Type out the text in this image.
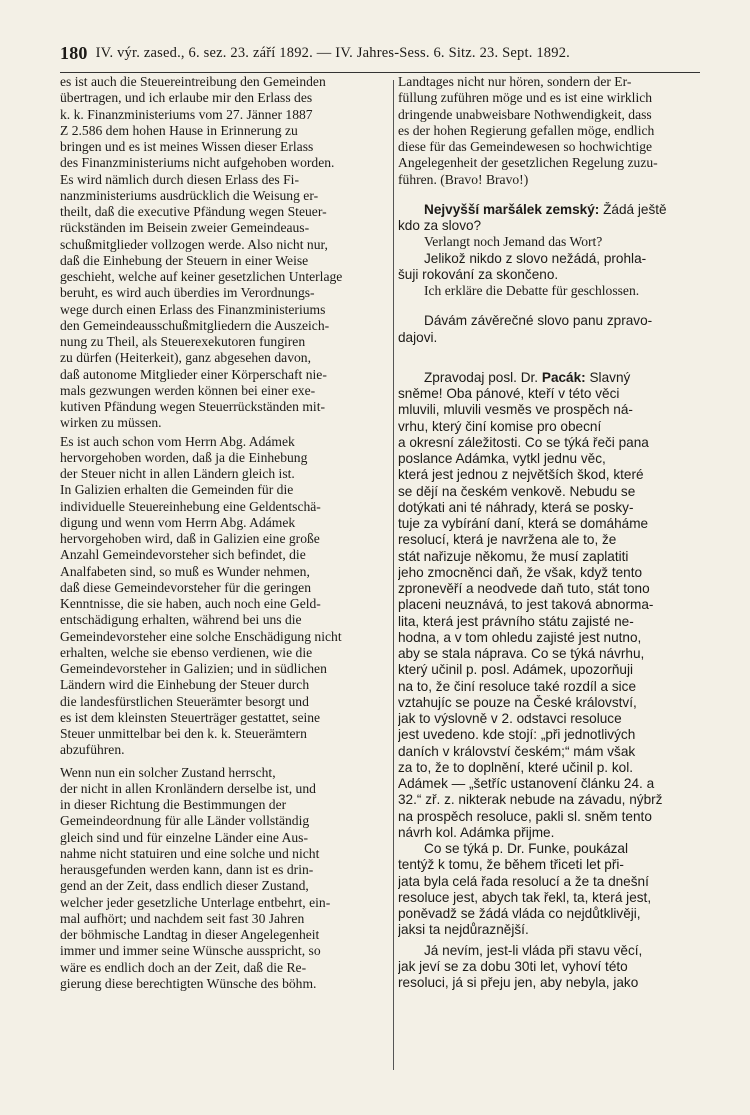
180 IV. výr. zased., 6. sez. 23. září 1892. — IV. Jahres-Sess. 6. Sitz. 23. Sept. 1892.
es ist auch die Steuereintreibung den Gemeinden
übertragen, und ich erlaube mir den Erlass des
k. k. Finanzministeriums vom 27. Jänner 1887
Z 2.586 dem hohen Hause in Erinnerung zu
bringen und es ist meines Wissen dieser Erlass
des Finanzministeriums nicht aufgehoben worden.
Es wird nämlich durch diesen Erlass des Fi-
nanzministeriums ausdrücklich die Weisung er-
theilt, daß die executive Pfändung wegen Steuer-
rückständen im Beisein zweier Gemeindeaus-
schußmitglieder vollzogen werde. Also nicht nur,
daß die Einhebung der Steuern in einer Weise
geschieht, welche auf keiner gesetzlichen Unterlage
beruht, es wird auch überdies im Verordnungs-
wege durch einen Erlass des Finanzministeriums
den Gemeindeausschußmitgliedern die Auszeich-
nung zu Theil, als Steuerexekutoren fungiren
zu dürfen (Heiterkeit), ganz abgesehen davon,
daß autonome Mitglieder einer Körperschaft nie-
mals gezwungen werden können bei einer exe-
kutiven Pfändung wegen Steuerrückständen mit-
wirken zu müssen.
Es ist auch schon vom Herrn Abg. Adámek
hervorgehoben worden, daß ja die Einhebung
der Steuer nicht in allen Ländern gleich ist.
In Galizien erhalten die Gemeinden für die
individuelle Steuereinhebung eine Geldentschä-
digung und wenn vom Herrn Abg. Adámek
hervorgehoben wird, daß in Galizien eine große
Anzahl Gemeindevorsteher sich befindet, die
Analfabeten sind, so muß es Wunder nehmen,
daß diese Gemeindevorsteher für die geringen
Kenntnisse, die sie haben, auch noch eine Geld-
entschädigung erhalten, während bei uns die
Gemeindevorsteher eine solche Enschädigung nicht
erhalten, welche sie ebenso verdienen, wie die
Gemeindevorsteher in Galizien; und in südlichen
Ländern wird die Einhebung der Steuer durch
die landesfürstlichen Steuerämter besorgt und
es ist dem kleinsten Steuerträger gestattet, seine
Steuer unmittelbar bei den k. k. Steuerämtern
abzuführen.
Wenn nun ein solcher Zustand herrscht,
der nicht in allen Kronländern derselbe ist, und
in dieser Richtung die Bestimmungen der
Gemeindeordnung für alle Länder vollständig
gleich sind und für einzelne Länder eine Aus-
nahme nicht statuiren und eine solche und nicht
herausgefunden werden kann, dann ist es drin-
gend an der Zeit, dass endlich dieser Zustand,
welcher jeder gesetzliche Unterlage entbehrt, ein-
mal aufhört; und nachdem seit fast 30 Jahren
der böhmische Landtag in dieser Angelegenheit
immer und immer seine Wünsche ausspricht, so
wäre es endlich doch an der Zeit, daß die Re-
gierung diese berechtigten Wünsche des böhm.
Landtages nicht nur hören, sondern der Er-
füllung zuführen möge und es ist eine wirklich
dringende unabweisbare Nothwendigkeit, dass
es der hohen Regierung gefallen möge, endlich
diese für das Gemeindewesen so hochwichtige
Angelegenheit der gesetzlichen Regelung zuzu-
führen. (Bravo! Bravo!)
Nejvyšší maršálek zemský: Žádá ještě
kdo za slovo?
Verlangt noch Jemand das Wort?
Jelikož nikdo z slovo nežádá, prohla-
šuji rokování za skončeno.
Ich erkläre die Debatte für geschlossen.
Dávám závěrečné slovo panu zpravo-
dajovi.
Zpravodaj posl. Dr. Pacák: Slavný
sněme! Oba pánové, kteří v této věci
mluvili, mluvili vesměs ve prospěch ná-
vrhu, který činí komise pro obecní
a okresní záležitosti. Co se týká řeči pana
poslance Adámka, vytkl jednu věc,
která jest jednou z největších škod, které
se dějí na českém venkově. Nebudu se
dotýkati ani té náhrady, která se posky-
tuje za vybírání daní, která se domáháme
resolucí, která je navržena ale to, že
stát nařizuje někomu, že musí zaplatiti
jeho zmocněnci daň, že však, když tento
zpronevěří a neodvede daň tuto, stát tono
placeni neuznává, to jest taková abnorma-
lita, která jest právního státu zajisté ne-
hodna, a v tom ohledu zajisté jest nutno,
aby se stala náprava. Co se týká návrhu,
který učinil p. posl. Adámek, upozorňuji
na to, že činí resoluce také rozdíl a sice
vztahujíc se pouze na České království,
jak to výslovně v 2. odstavci resoluce
jest uvedeno. kde stojí: „při jednotlivých
daních v království českém;“ mám však
za to, že to doplnění, které učinil p. kol.
Adámek — „šetříc ustanovení článku 24. a
32.“ zř. z. nikterak nebude na závadu, nýbrž
na prospěch resoluce, pakli sl. sněm tento
návrh kol. Adámka přijme.
Co se týká p. Dr. Funke, poukázal
tentýž k tomu, že během třiceti let při-
jata byla celá řada resolucí a že ta dnešní
resoluce jest, abych tak řekl, ta, která jest,
poněvadž se žádá vláda co nejdůtklivěji,
jaksi ta nejdůraznější.
Já nevím, jest-li vláda při stavu věcí,
jak jeví se za dobu 30ti let, vyhoví této
resoluci, já si přeju jen, aby nebyla, jako
